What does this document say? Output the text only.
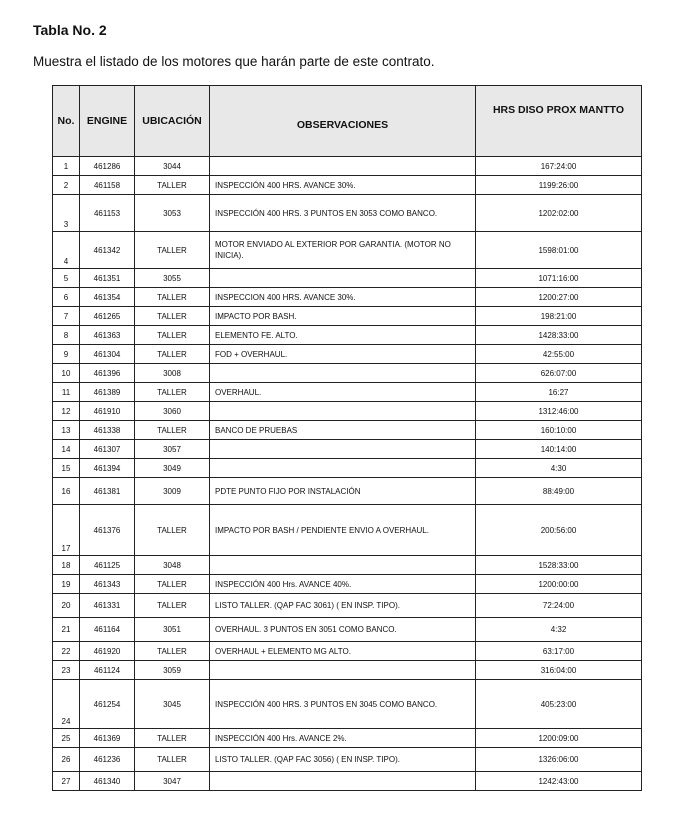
Tabla No. 2
Muestra el listado de los motores que harán parte de este contrato.
No.	ENGINE	UBICACIÓN	OBSERVACIONES	HRS DISO PROX MANTTO
1	461286	3044		167:24:00
2	461158	TALLER	INSPECCIÓN 400 HRS. AVANCE 30%.	1199:26:00
3	461153	3053	INSPECCIÓN 400 HRS. 3 PUNTOS EN 3053 COMO BANCO.	1202:02:00
4	461342	TALLER	MOTOR ENVIADO AL EXTERIOR POR GARANTIA. (MOTOR NO INICIA).	1598:01:00
5	461351	3055		1071:16:00
6	461354	TALLER	INSPECCION 400 HRS. AVANCE 30%.	1200:27:00
7	461265	TALLER	IMPACTO POR BASH.	198:21:00
8	461363	TALLER	ELEMENTO FE. ALTO.	1428:33:00
9	461304	TALLER	FOD + OVERHAUL.	42:55:00
10	461396	3008		626:07:00
11	461389	TALLER	OVERHAUL.	16:27
12	461910	3060		1312:46:00
13	461338	TALLER	BANCO DE PRUEBAS	160:10:00
14	461307	3057		140:14:00
15	461394	3049		4:30
16	461381	3009	PDTE PUNTO FIJO POR INSTALACIÓN	88:49:00
17	461376	TALLER	IMPACTO POR BASH / PENDIENTE ENVIO A OVERHAUL.	200:56:00
18	461125	3048		1528:33:00
19	461343	TALLER	INSPECCIÓN 400 Hrs. AVANCE 40%.	1200:00:00
20	461331	TALLER	LISTO TALLER. (QAP FAC 3061) ( EN INSP. TIPO).	72:24:00
21	461164	3051	OVERHAUL. 3 PUNTOS EN 3051 COMO BANCO.	4:32
22	461920	TALLER	OVERHAUL + ELEMENTO MG ALTO.	63:17:00
23	461124	3059		316:04:00
24	461254	3045	INSPECCIÓN 400 HRS. 3 PUNTOS EN 3045 COMO BANCO.	405:23:00
25	461369	TALLER	INSPECCIÓN 400 Hrs. AVANCE 2%.	1200:09:00
26	461236	TALLER	LISTO TALLER. (QAP FAC 3056) ( EN INSP. TIPO).	1326:06:00
27	461340	3047		1242:43:00
